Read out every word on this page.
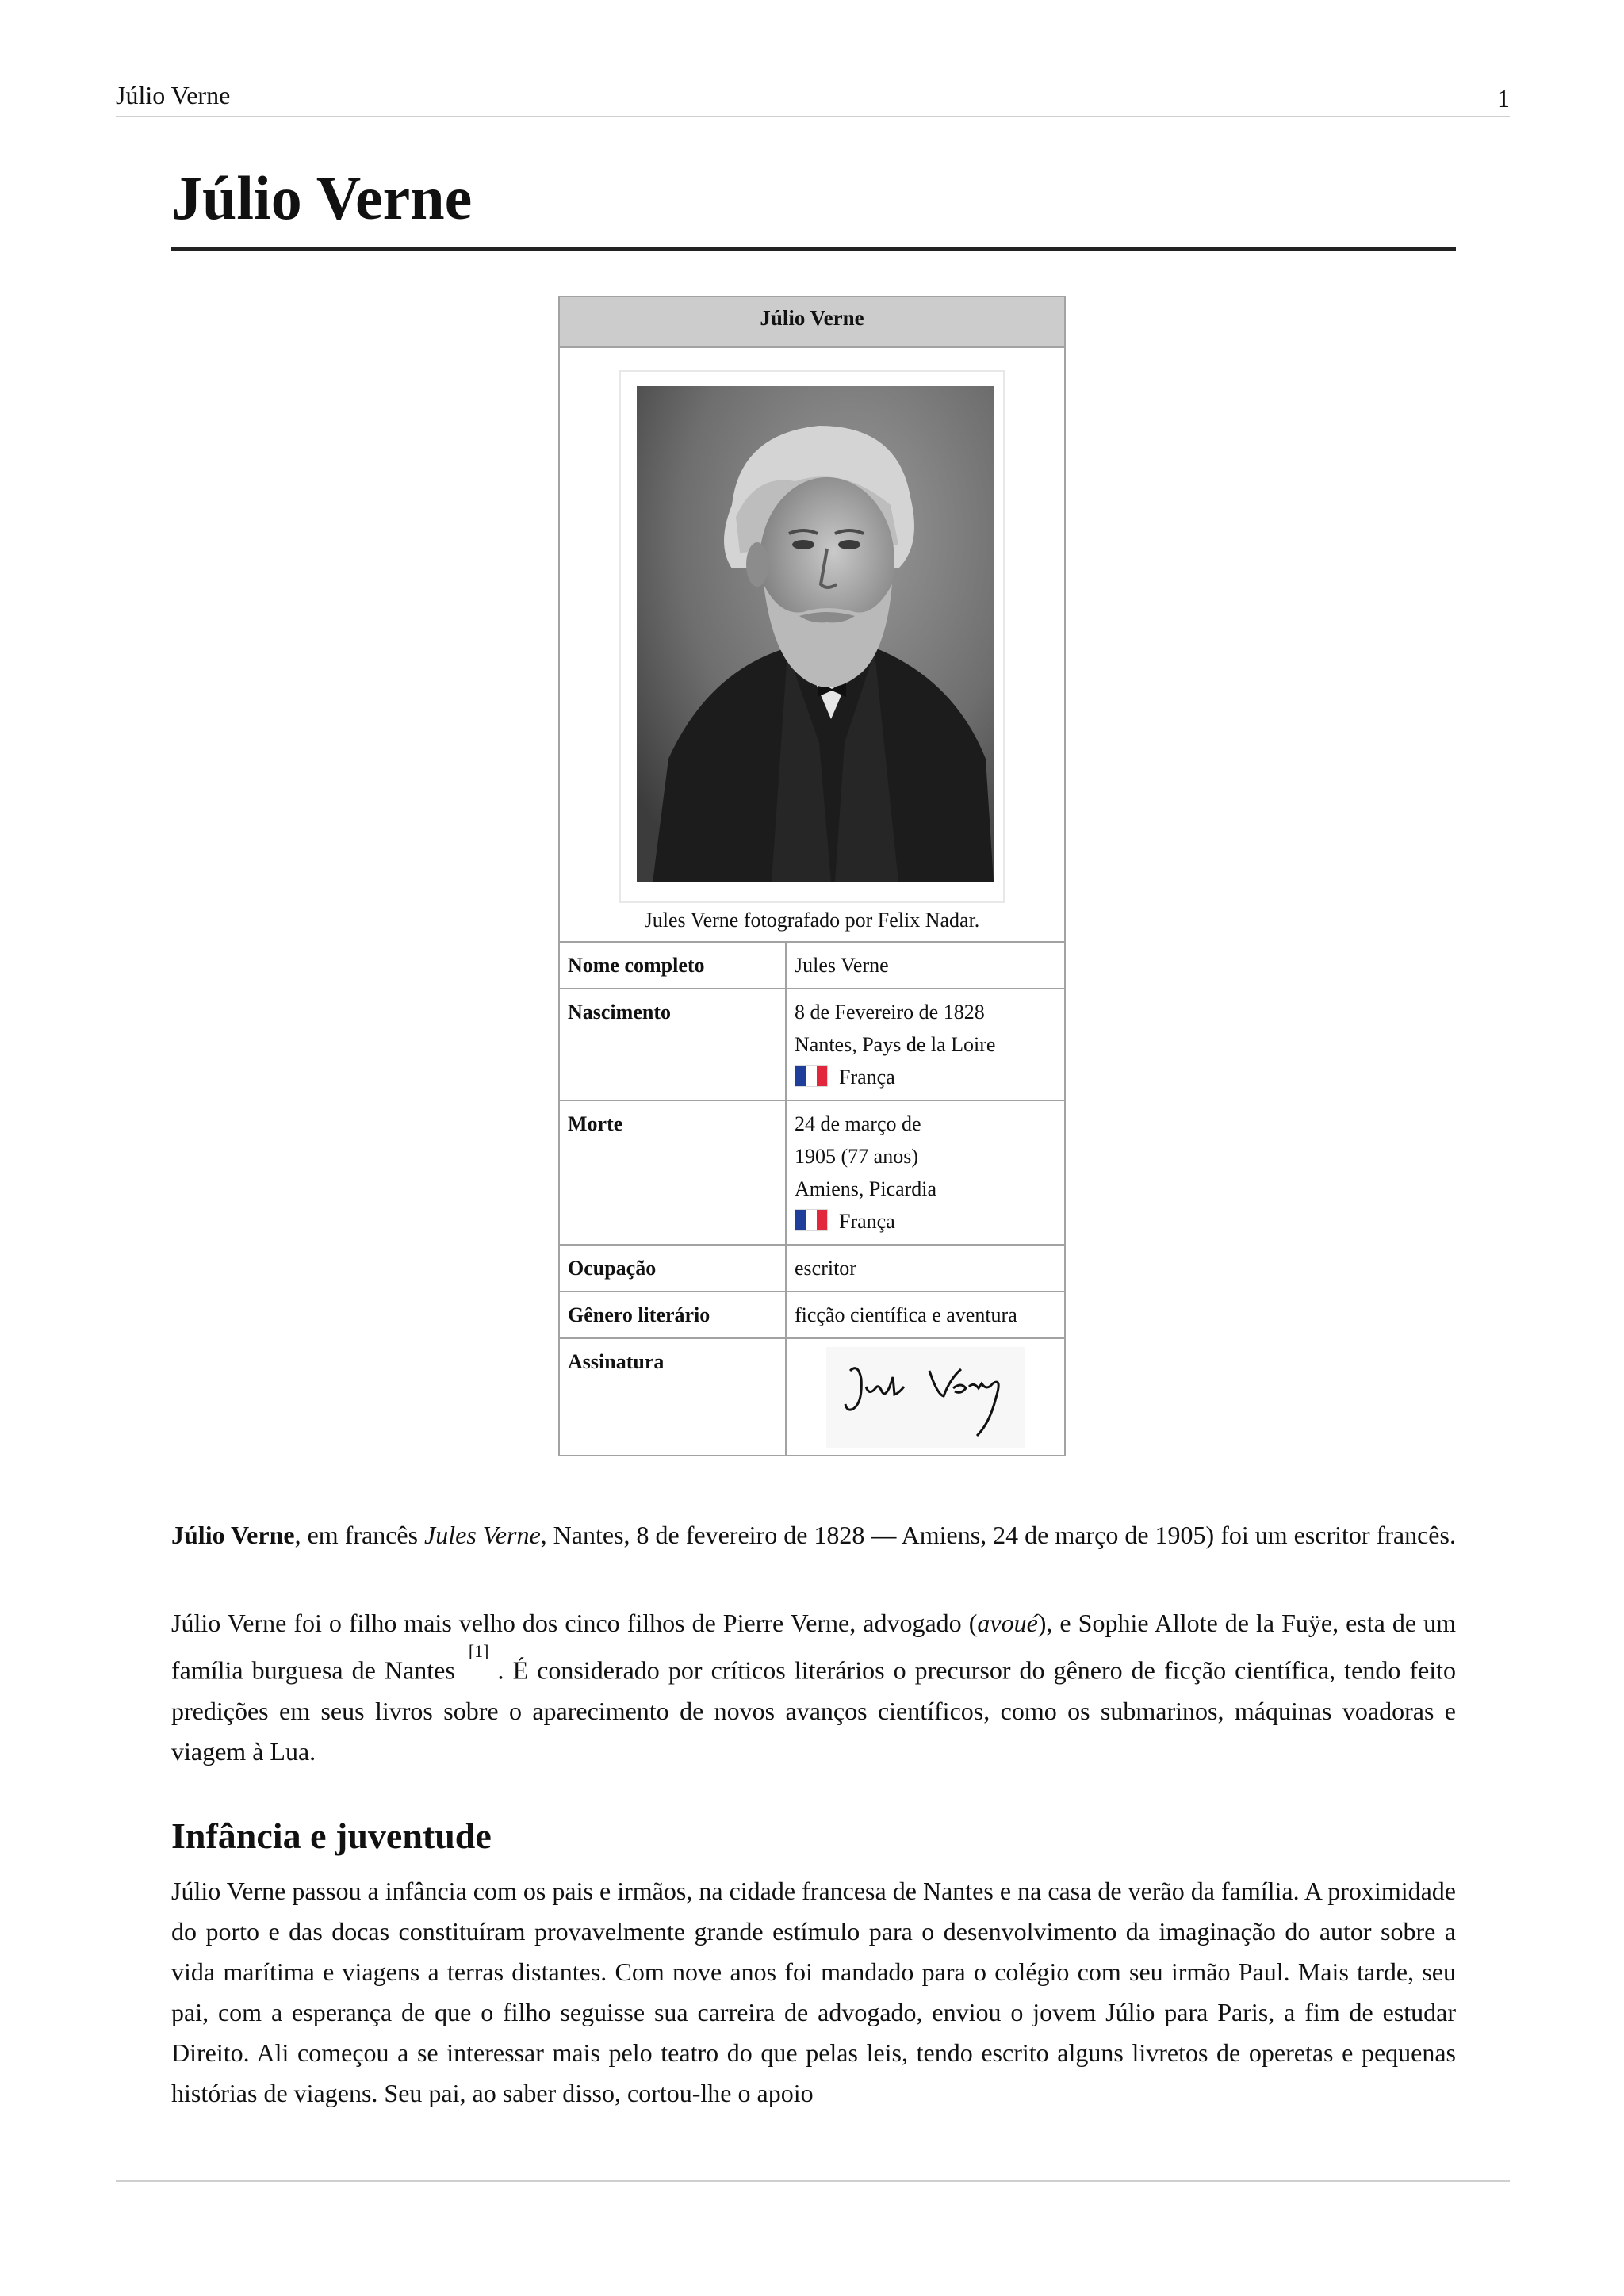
Júlio Verne	1
Júlio Verne
Júlio Verne
Jules Verne fotografado por Felix Nadar.
Nome completo	Jules Verne
Nascimento	8 de Fevereiro de 1828
Nantes, Pays de la Loire
França

Morte	24 de março de
1905 (77 anos)
Amiens, Picardia
França

Ocupação	escritor
Gênero literário	ficção científica e aventura
Assinatura	

Júlio Verne, em francês Jules Verne, Nantes, 8 de fevereiro de 1828 — Amiens, 24 de março de 1905) foi um escritor francês.

Júlio Verne foi o filho mais velho dos cinco filhos de Pierre Verne, advogado (avoué), e Sophie Allote de la Fuÿe, esta de um família burguesa de Nantes [1] . É considerado por críticos literários o precursor do gênero de ficção científica, tendo feito predições em seus livros sobre o aparecimento de novos avanços científicos, como os submarinos, máquinas voadoras e viagem à Lua.

Infância e juventude

Júlio Verne passou a infância com os pais e irmãos, na cidade francesa de Nantes e na casa de verão da família. A proximidade do porto e das docas constituíram provavelmente grande estímulo para o desenvolvimento da imaginação do autor sobre a vida marítima e viagens a terras distantes. Com nove anos foi mandado para o colégio com seu irmão Paul. Mais tarde, seu pai, com a esperança de que o filho seguisse sua carreira de advogado, enviou o jovem Júlio para Paris, a fim de estudar Direito. Ali começou a se interessar mais pelo teatro do que pelas leis, tendo escrito alguns livretos de operetas e pequenas histórias de viagens. Seu pai, ao saber disso, cortou-lhe o apoio
